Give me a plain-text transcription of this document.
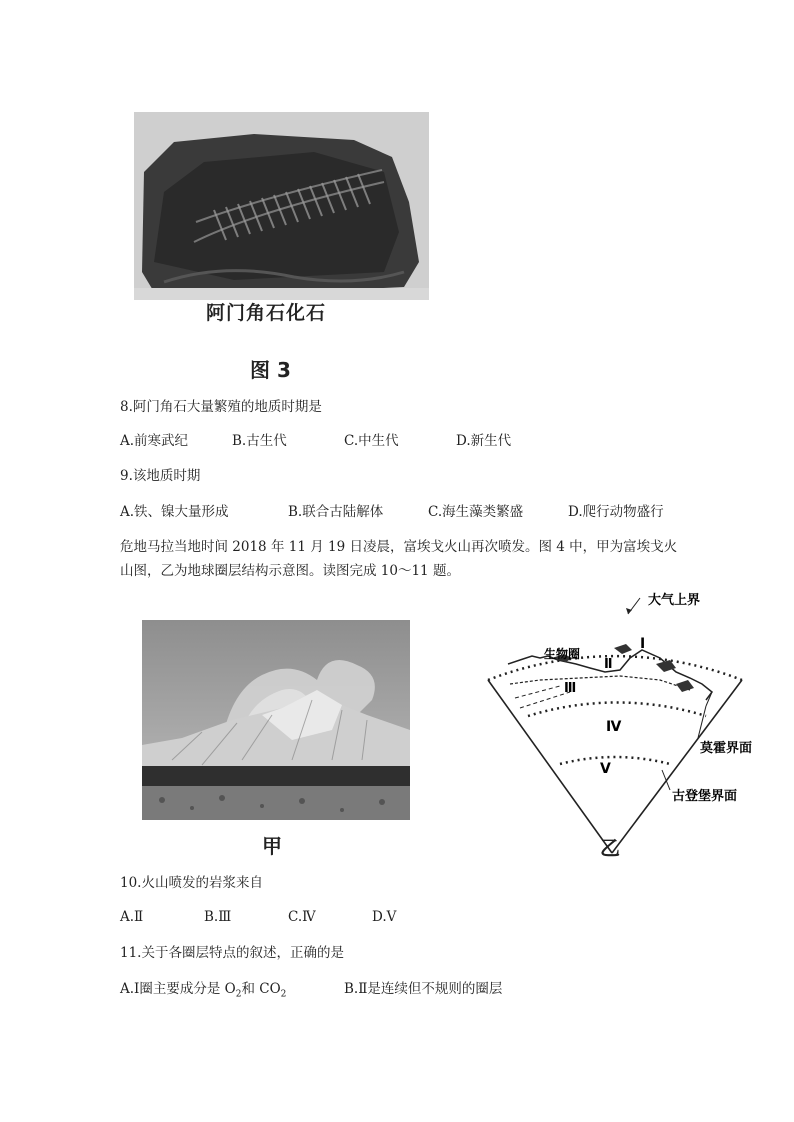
阿门角石化石
图 3
8.阿门角石大量繁殖的地质时期是
A.前寒武纪	B.古生代	C.中生代	D.新生代
9.该地质时期
A.铁、镍大量形成	B.联合古陆解体	C.海生藻类繁盛	D.爬行动物盛行
危地马拉当地时间 2018 年 11 月 19 日凌晨，富埃戈火山再次喷发。图 4 中，甲为富埃戈火
山图，乙为地球圈层结构示意图。读图完成 10～11 题。
甲
大气上界
生物圈
Ⅰ
Ⅱ
Ⅲ
Ⅳ
Ⅴ
莫霍界面
古登堡界面
乙
10.火山喷发的岩浆来自
A.Ⅱ	B.Ⅲ	C.Ⅳ	D.Ⅴ
11.关于各圈层特点的叙述，正确的是
A.Ⅰ圈主要成分是 $O_2$和 $CO_2$	B.Ⅱ是连续但不规则的圈层
